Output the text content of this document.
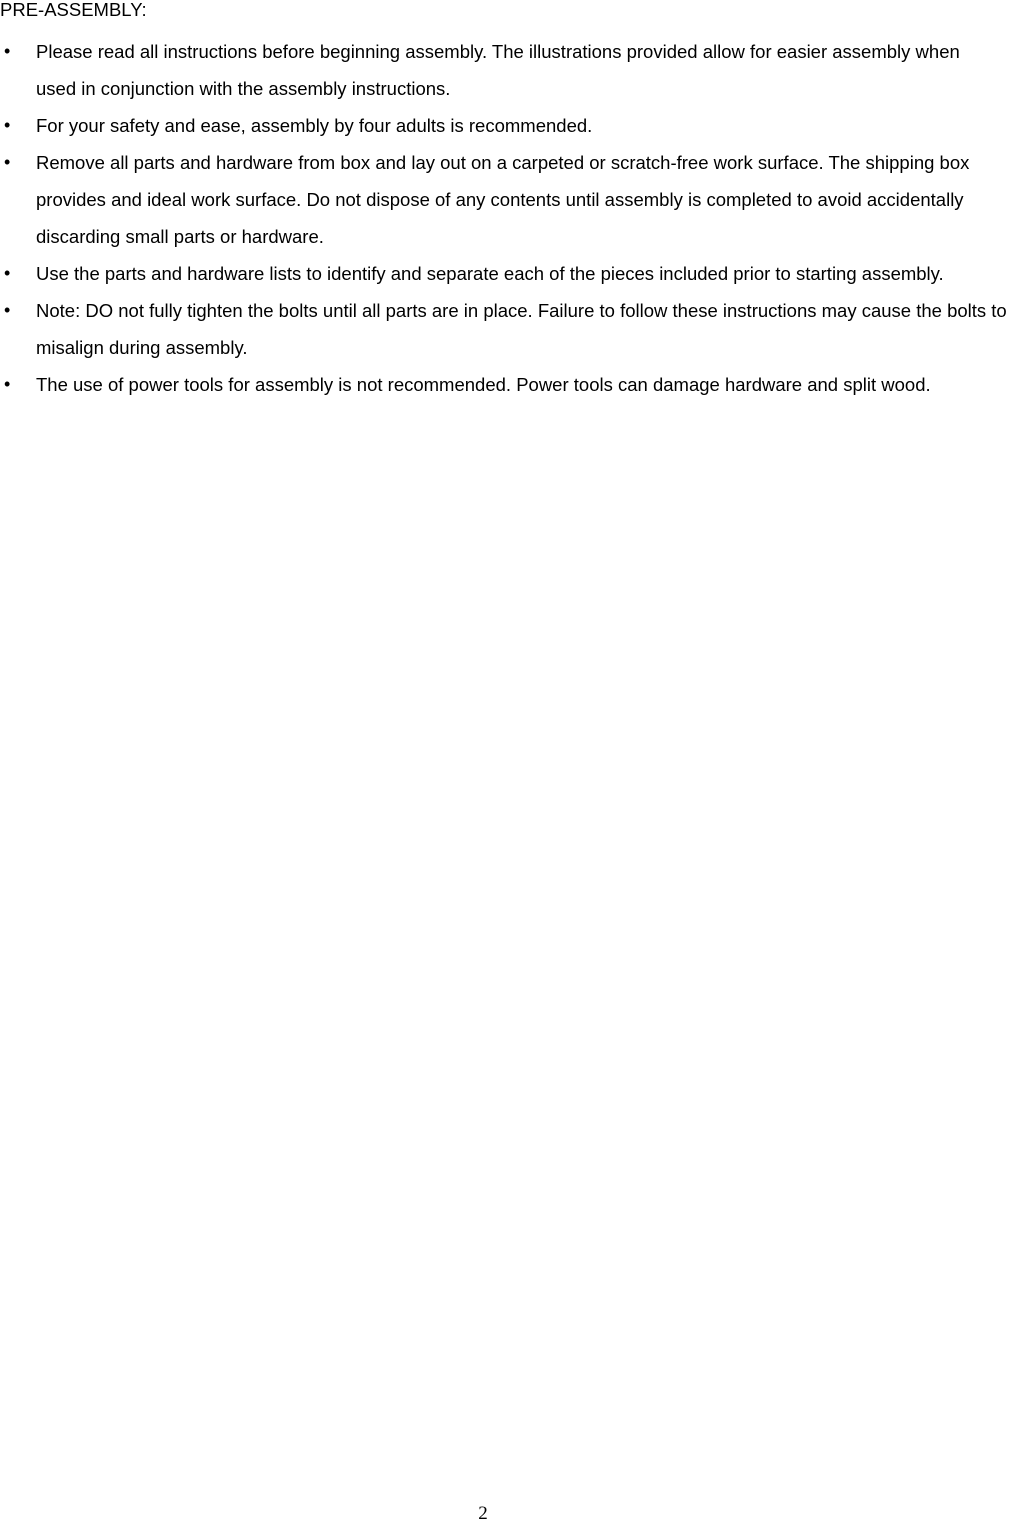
PRE-ASSEMBLY:
• Please read all instructions before beginning assembly. The illustrations provided allow for easier assembly when used in conjunction with the assembly instructions.
• For your safety and ease, assembly by four adults is recommended.
• Remove all parts and hardware from box and lay out on a carpeted or scratch-free work surface. The shipping box provides and ideal work surface. Do not dispose of any contents until assembly is completed to avoid accidentally discarding small parts or hardware.
• Use the parts and hardware lists to identify and separate each of the pieces included prior to starting assembly.
• Note: DO not fully tighten the bolts until all parts are in place. Failure to follow these instructions may cause the bolts to misalign during assembly.
• The use of power tools for assembly is not recommended. Power tools can damage hardware and split wood.
2
